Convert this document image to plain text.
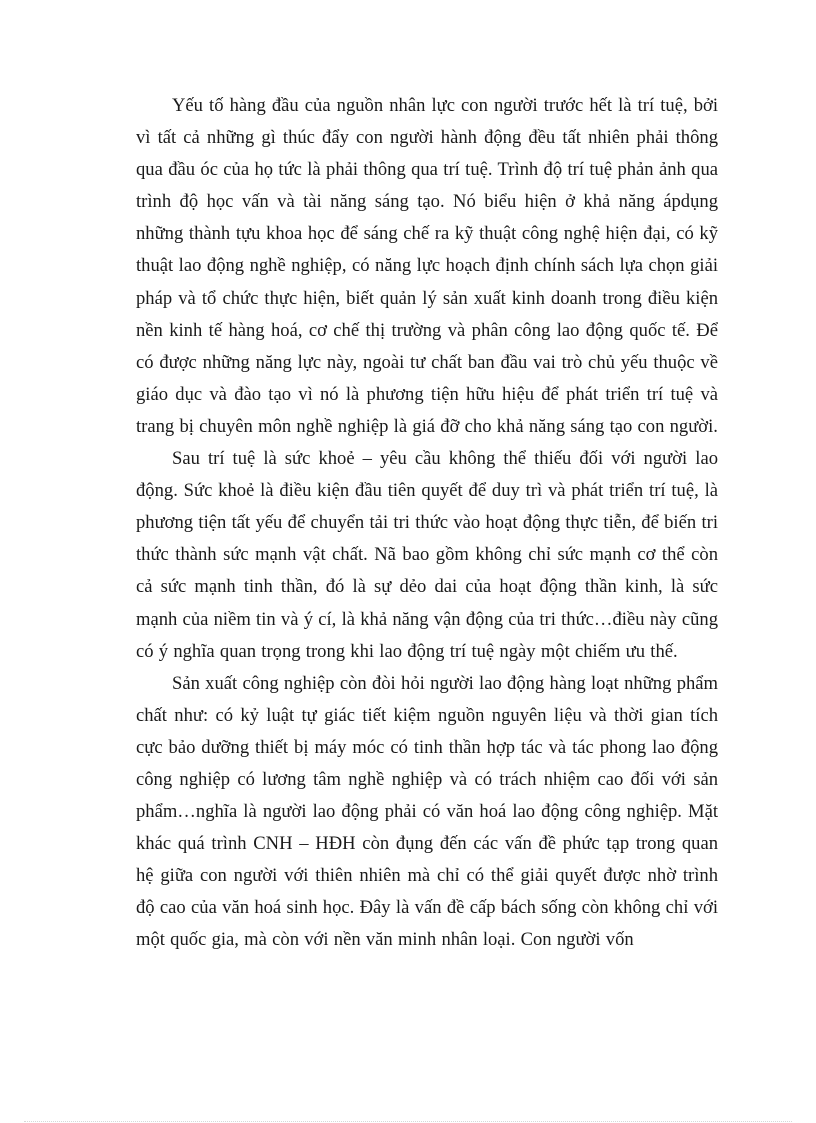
Yếu tố hàng đầu của nguồn nhân lực con người trước hết là trí tuệ, bởi vì tất cả những gì thúc đẩy con người hành động đều tất nhiên phải thông qua đầu óc của họ tức là phải thông qua trí tuệ. Trình độ trí tuệ phản ảnh qua trình độ học vấn và tài năng sáng tạo. Nó biểu hiện ở khả năng ápdụng những thành tựu khoa học để sáng chế ra kỹ thuật công nghệ hiện đại, có kỹ thuật lao động nghề nghiệp, có năng lực hoạch định chính sách lựa chọn giải pháp và tổ chức thực hiện, biết quản lý sản xuất kinh doanh trong điều kiện nền kinh tế hàng hoá, cơ chế thị trường và phân công lao động quốc tế. Để có được những năng lực này, ngoài tư chất ban đầu vai trò chủ yếu thuộc về giáo dục và đào tạo vì nó là phương tiện hữu hiệu để phát triển trí tuệ và trang bị chuyên môn nghề nghiệp là giá đỡ cho khả năng sáng tạo con người.

Sau trí tuệ là sức khoẻ – yêu cầu không thể thiếu đối với người lao động. Sức khoẻ là điều kiện đầu tiên quyết để duy trì và phát triển trí tuệ, là phương tiện tất yếu để chuyển tải tri thức vào hoạt động thực tiễn, để biến tri thức thành sức mạnh vật chất. Nã bao gồm không chỉ sức mạnh cơ thể còn cả sức mạnh tinh thần, đó là sự dẻo dai của hoạt động thần kinh, là sức mạnh của niềm tin và ý cí, là khả năng vận động của tri thức…điều này cũng có ý nghĩa quan trọng trong khi lao động trí tuệ ngày một chiếm ưu thế.

Sản xuất công nghiệp còn đòi hỏi người lao động hàng loạt những phẩm chất như: có kỷ luật tự giác tiết kiệm nguồn nguyên liệu và thời gian tích cực bảo dưỡng thiết bị máy móc có tinh thần hợp tác và tác phong lao động công nghiệp có lương tâm nghề nghiệp và có trách nhiệm cao đối với sản phẩm…nghĩa là người lao động phải có văn hoá lao động công nghiệp. Mặt khác quá trình CNH – HĐH còn đụng đến các vấn đề phức tạp trong quan hệ giữa con người với thiên nhiên mà chỉ có thể giải quyết được nhờ trình độ cao của văn hoá sinh học. Đây là vấn đề cấp bách sống còn không chỉ với một quốc gia, mà còn với nền văn minh nhân loại. Con người vốn
